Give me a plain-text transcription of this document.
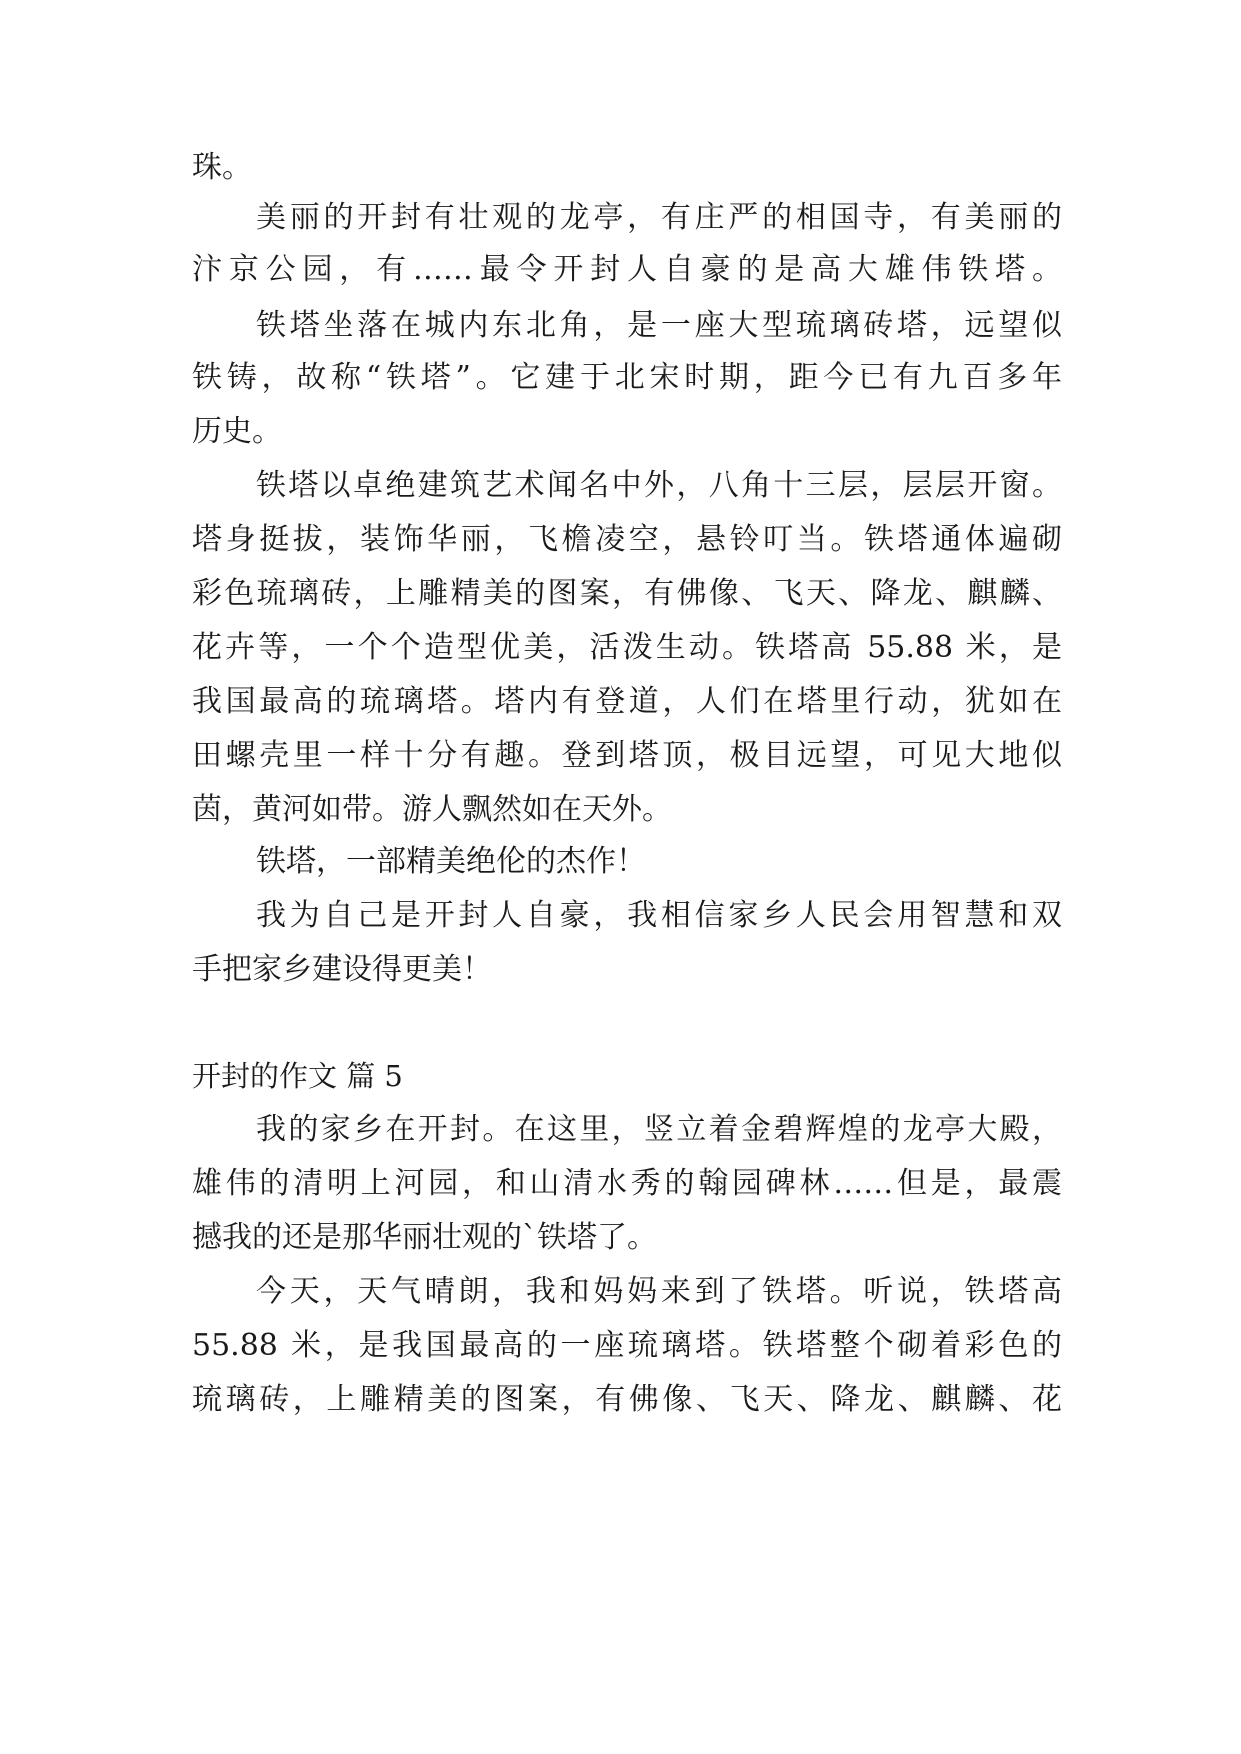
珠。
美丽的开封有壮观的龙亭，有庄严的相国寺，有美丽的
汴京公园，有……最令开封人自豪的是高大雄伟铁塔。
铁塔坐落在城内东北角，是一座大型琉璃砖塔，远望似
铁铸，故称“铁塔”。它建于北宋时期，距今已有九百多年
历史。
铁塔以卓绝建筑艺术闻名中外，八角十三层，层层开窗。
塔身挺拔，装饰华丽，飞檐凌空，悬铃叮当。铁塔通体遍砌
彩色琉璃砖，上雕精美的图案，有佛像、飞天、降龙、麒麟、
花卉等，一个个造型优美，活泼生动。铁塔高 55.88 米，是
我国最高的琉璃塔。塔内有登道，人们在塔里行动，犹如在
田螺壳里一样十分有趣。登到塔顶，极目远望，可见大地似
茵，黄河如带。游人飘然如在天外。
铁塔，一部精美绝伦的杰作！
我为自己是开封人自豪，我相信家乡人民会用智慧和双
手把家乡建设得更美！
开封的作文 篇 5
我的家乡在开封。在这里，竖立着金碧辉煌的龙亭大殿，
雄伟的清明上河园，和山清水秀的翰园碑林……但是，最震
撼我的还是那华丽壮观的`铁塔了。
今天，天气晴朗，我和妈妈来到了铁塔。听说，铁塔高
55.88 米，是我国最高的一座琉璃塔。铁塔整个砌着彩色的
琉璃砖，上雕精美的图案，有佛像、飞天、降龙、麒麟、花
